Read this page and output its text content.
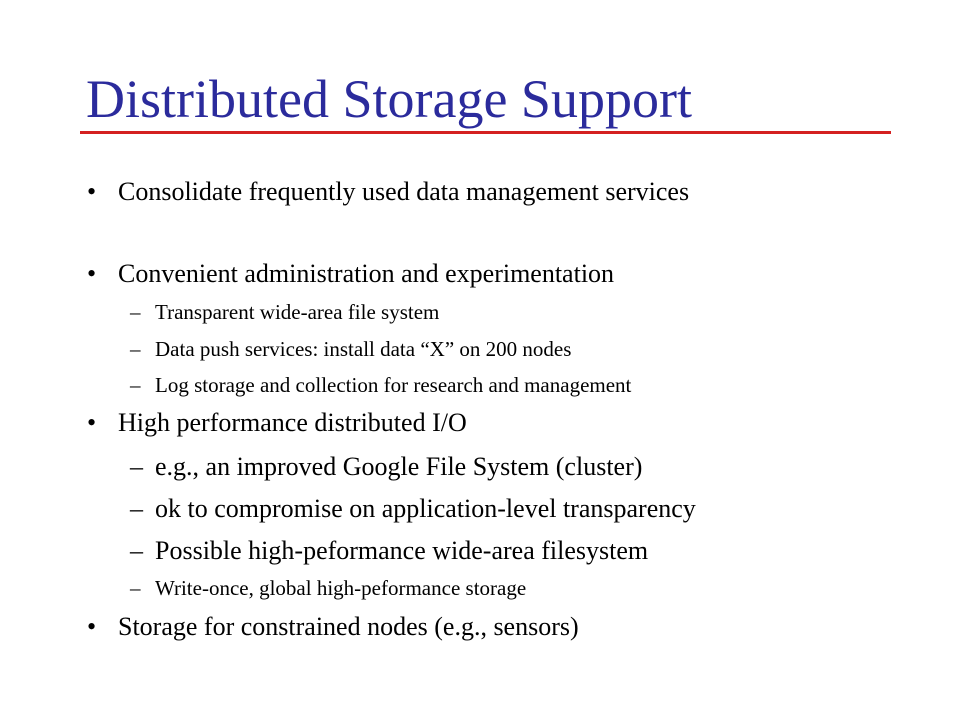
Distributed Storage Support
• Consolidate frequently used data management services
• Convenient administration and experimentation
– Transparent wide-area file system
– Data push services: install data “X” on 200 nodes
– Log storage and collection for research and management
• High performance distributed I/O
– e.g., an improved Google File System (cluster)
– ok to compromise on application-level transparency
– Possible high-peformance wide-area filesystem
– Write-once, global high-peformance storage
• Storage for constrained nodes (e.g., sensors)
